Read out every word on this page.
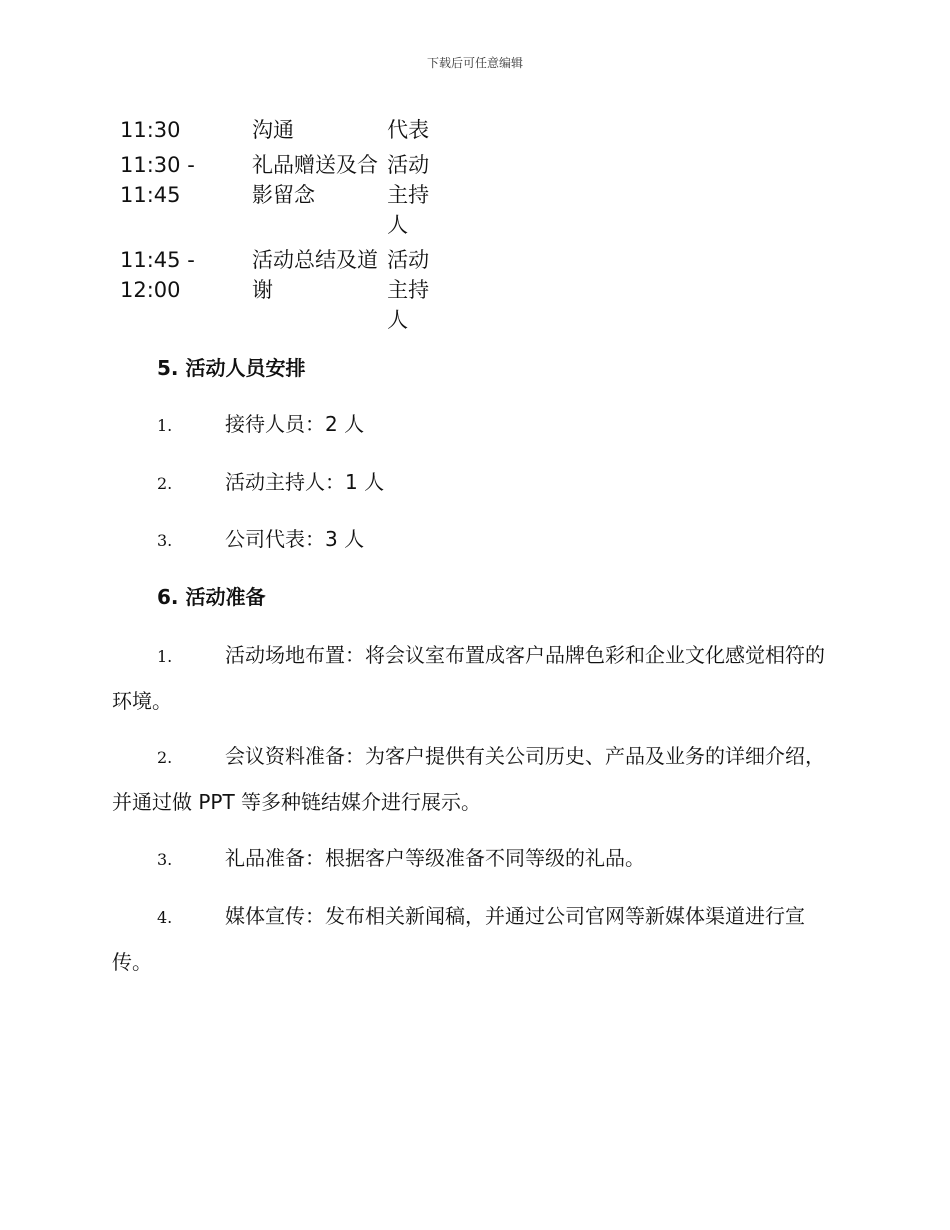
下载后可任意编辑
11:30	沟通	代表
11:30 - 11:45	礼品赠送及合影留念	活动主持人
11:45 - 12:00	活动总结及道谢	活动主持人
5. 活动人员安排
1.	接待人员：2 人
2.	活动主持人：1 人
3.	公司代表：3 人
6. 活动准备
1.	活动场地布置：将会议室布置成客户品牌色彩和企业文化感觉相符的环境。
2.	会议资料准备：为客户提供有关公司历史、产品及业务的详细介绍，并通过做 PPT 等多种链结媒介进行展示。
3.	礼品准备：根据客户等级准备不同等级的礼品。
4.	媒体宣传：发布相关新闻稿，并通过公司官网等新媒体渠道进行宣传。
